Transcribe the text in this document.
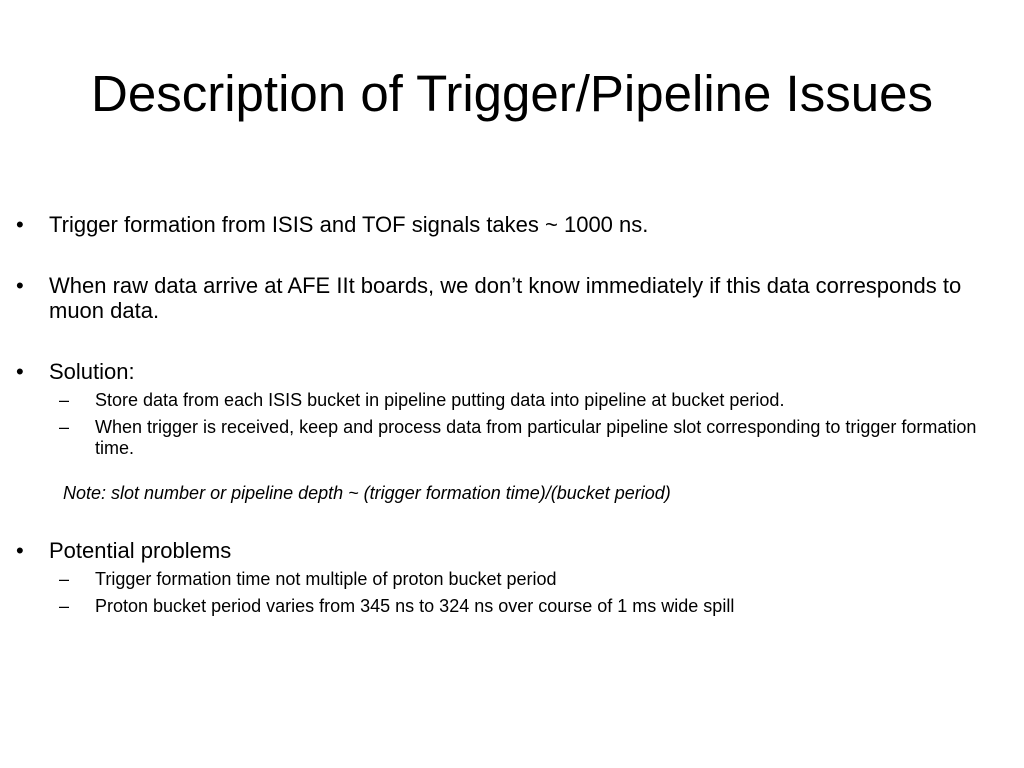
Description of Trigger/Pipeline Issues
• Trigger formation from ISIS and TOF signals takes ~ 1000 ns.
• When raw data arrive at AFE IIt boards, we don’t know immediately if this data corresponds to muon data.
• Solution:
– Store data from each ISIS bucket in pipeline putting data into pipeline at bucket period.
– When trigger is received, keep and process data from particular pipeline slot corresponding to trigger formation time.
Note: slot number or pipeline depth ~ (trigger formation time)/(bucket period)
• Potential problems
– Trigger formation time not multiple of proton bucket period
– Proton bucket period varies from 345 ns to 324 ns over course of 1 ms wide spill
